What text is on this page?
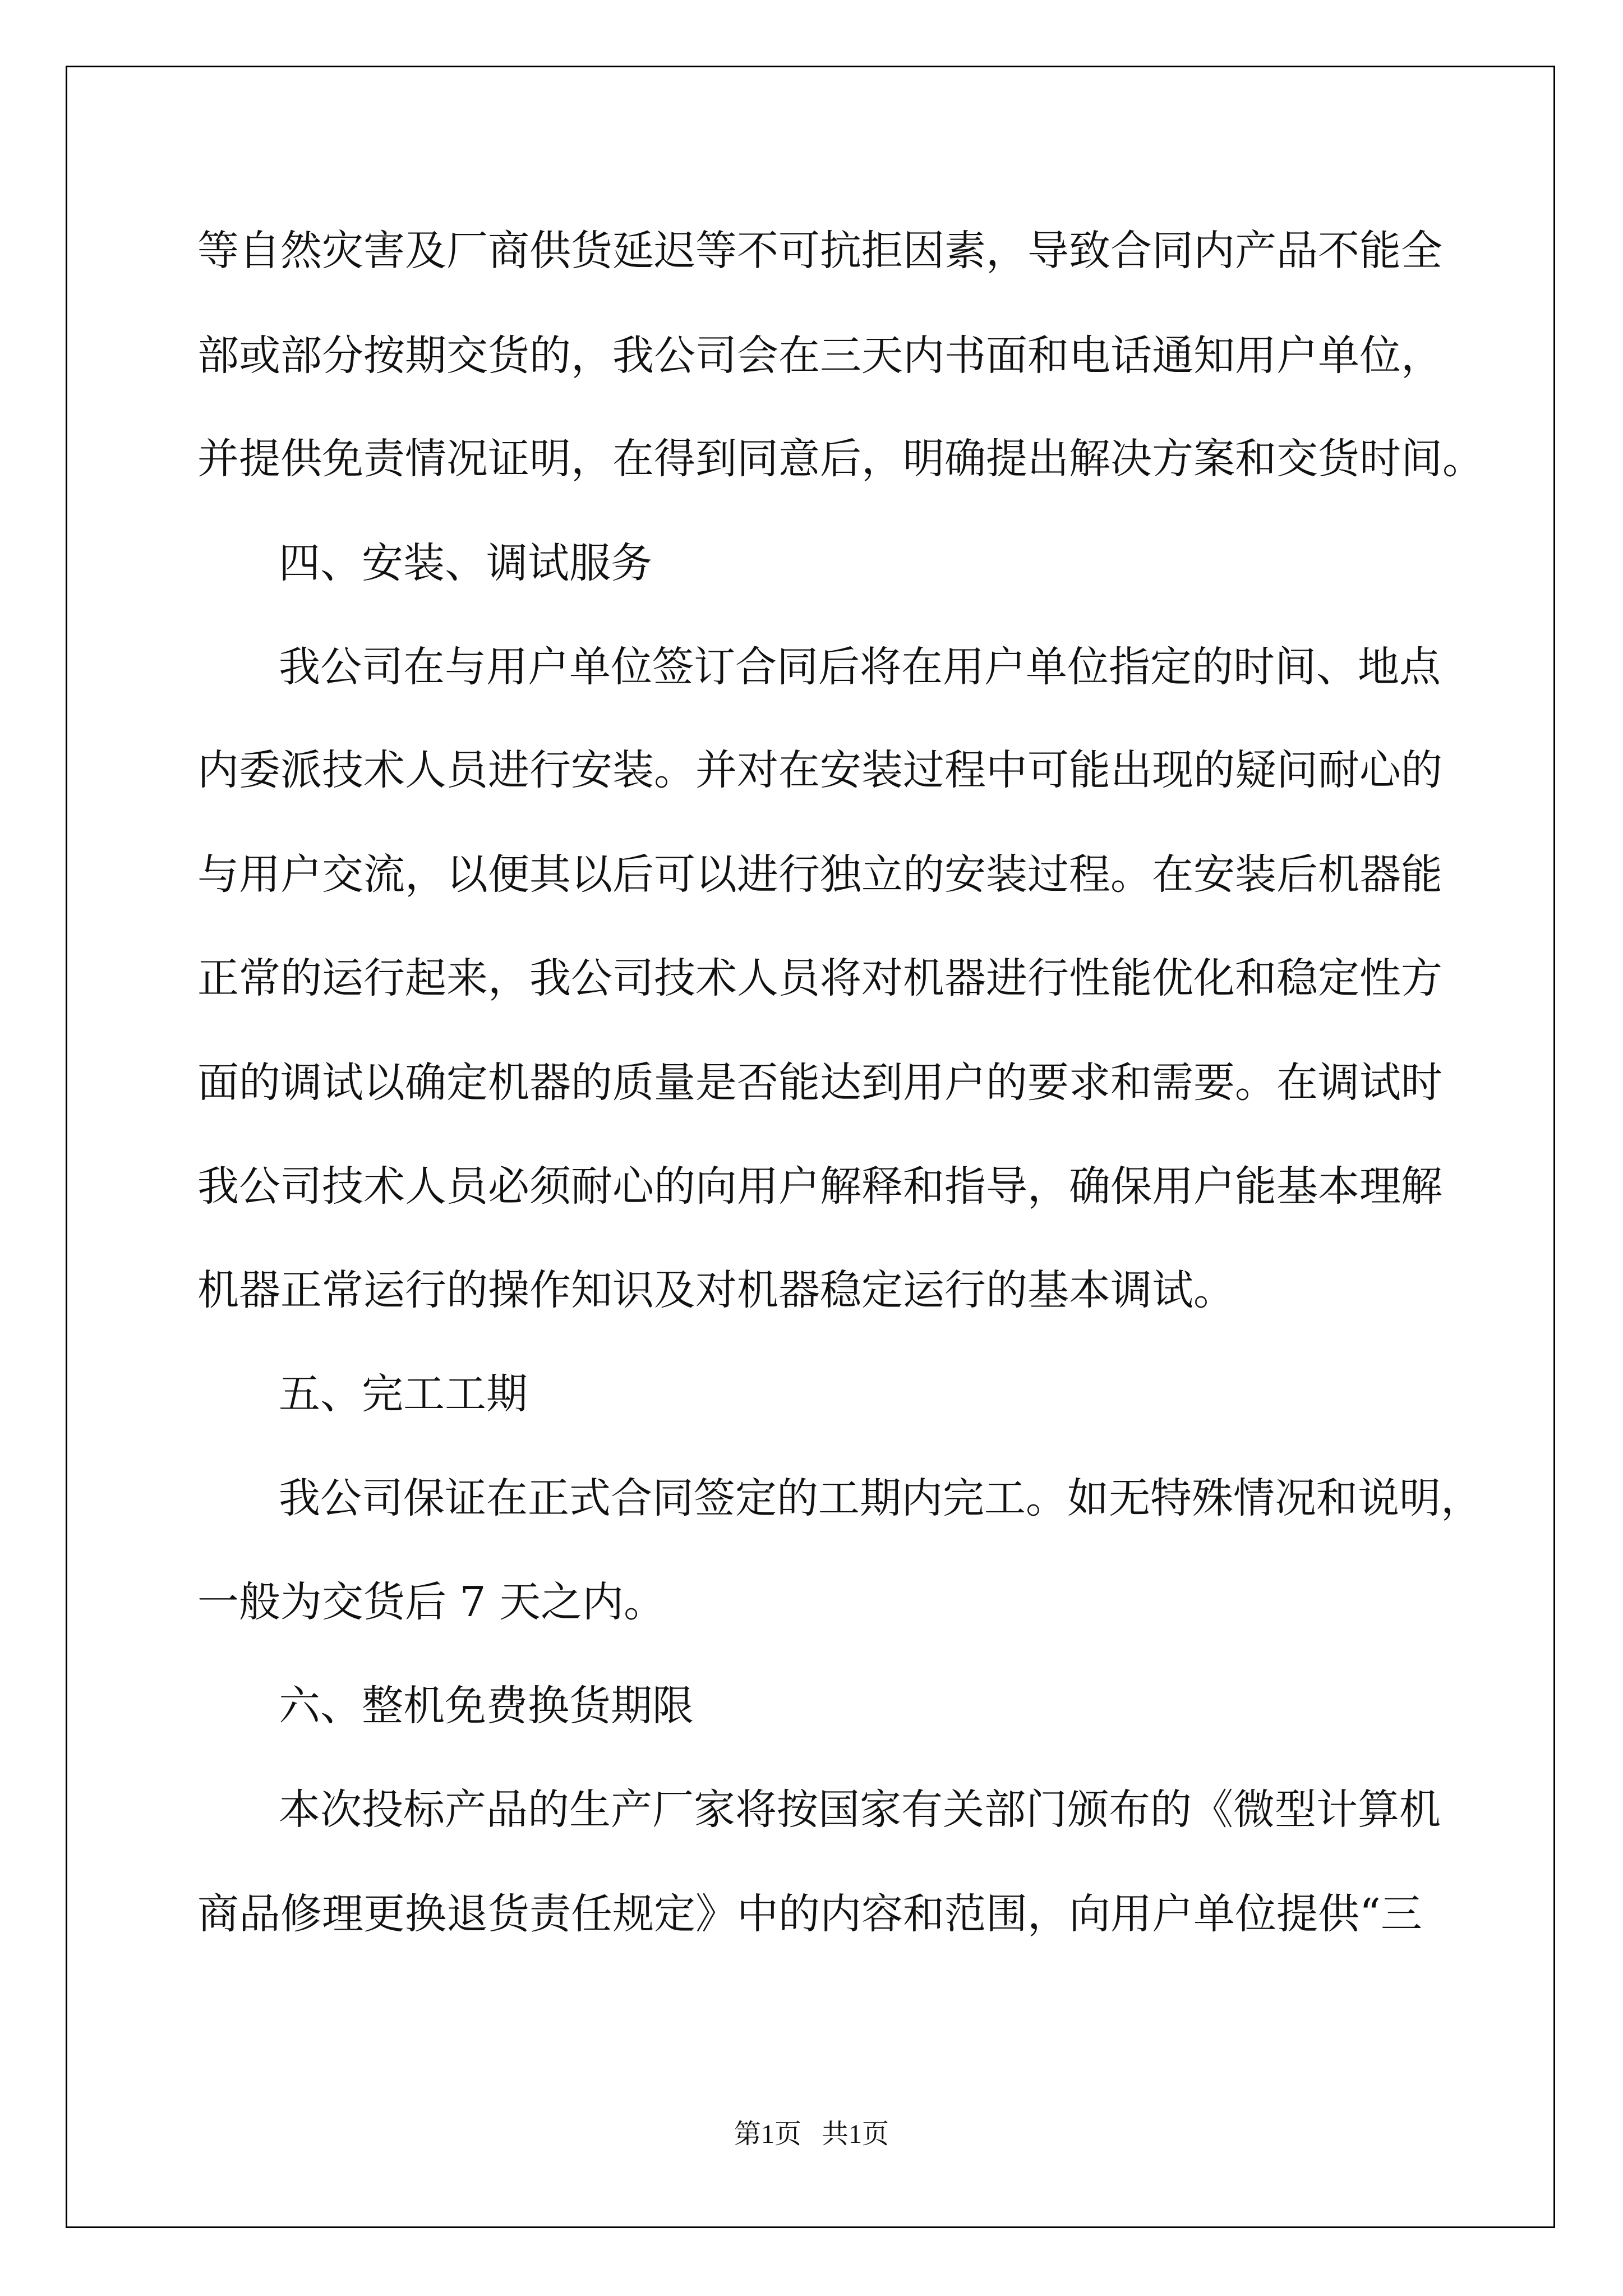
等自然灾害及厂商供货延迟等不可抗拒因素，导致合同内产品不能全
部或部分按期交货的，我公司会在三天内书面和电话通知用户单位，
并提供免责情况证明，在得到同意后，明确提出解决方案和交货时间。
四、安装、调试服务
我公司在与用户单位签订合同后将在用户单位指定的时间、地点
内委派技术人员进行安装。并对在安装过程中可能出现的疑问耐心的
与用户交流，以便其以后可以进行独立的安装过程。在安装后机器能
正常的运行起来，我公司技术人员将对机器进行性能优化和稳定性方
面的调试以确定机器的质量是否能达到用户的要求和需要。在调试时
我公司技术人员必须耐心的向用户解释和指导，确保用户能基本理解
机器正常运行的操作知识及对机器稳定运行的基本调试。
五、完工工期
我公司保证在正式合同签定的工期内完工。如无特殊情况和说明，
一般为交货后 7 天之内。
六、整机免费换货期限
本次投标产品的生产厂家将按国家有关部门颁布的《微型计算机
商品修理更换退货责任规定》中的内容和范围，向用户单位提供“三
第1页   共1页
